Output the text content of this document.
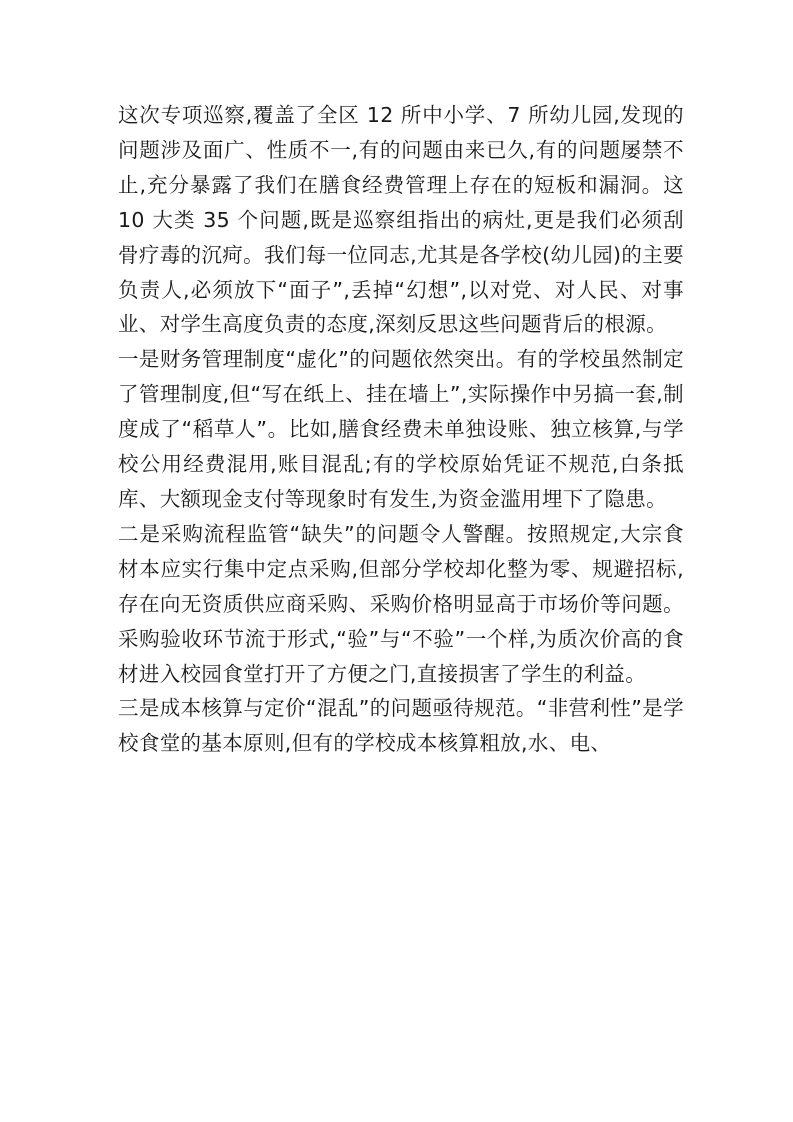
这次专项巡察,覆盖了全区 12 所中小学、7 所幼儿园,发现的问题涉及面广、性质不一,有的问题由来已久,有的问题屡禁不止,充分暴露了我们在膳食经费管理上存在的短板和漏洞。这 10 大类 35 个问题,既是巡察组指出的病灶,更是我们必须刮骨疗毒的沉疴。我们每一位同志,尤其是各学校(幼儿园)的主要负责人,必须放下“面子”,丢掉“幻想”,以对党、对人民、对事业、对学生高度负责的态度,深刻反思这些问题背后的根源。

一是财务管理制度“虚化”的问题依然突出。有的学校虽然制定了管理制度,但“写在纸上、挂在墙上”,实际操作中另搞一套,制度成了“稻草人”。比如,膳食经费未单独设账、独立核算,与学校公用经费混用,账目混乱;有的学校原始凭证不规范,白条抵库、大额现金支付等现象时有发生,为资金滥用埋下了隐患。

二是采购流程监管“缺失”的问题令人警醒。按照规定,大宗食材本应实行集中定点采购,但部分学校却化整为零、规避招标,存在向无资质供应商采购、采购价格明显高于市场价等问题。采购验收环节流于形式,“验”与“不验”一个样,为质次价高的食材进入校园食堂打开了方便之门,直接损害了学生的利益。

三是成本核算与定价“混乱”的问题亟待规范。“非营利性”是学校食堂的基本原则,但有的学校成本核算粗放,水、电、
